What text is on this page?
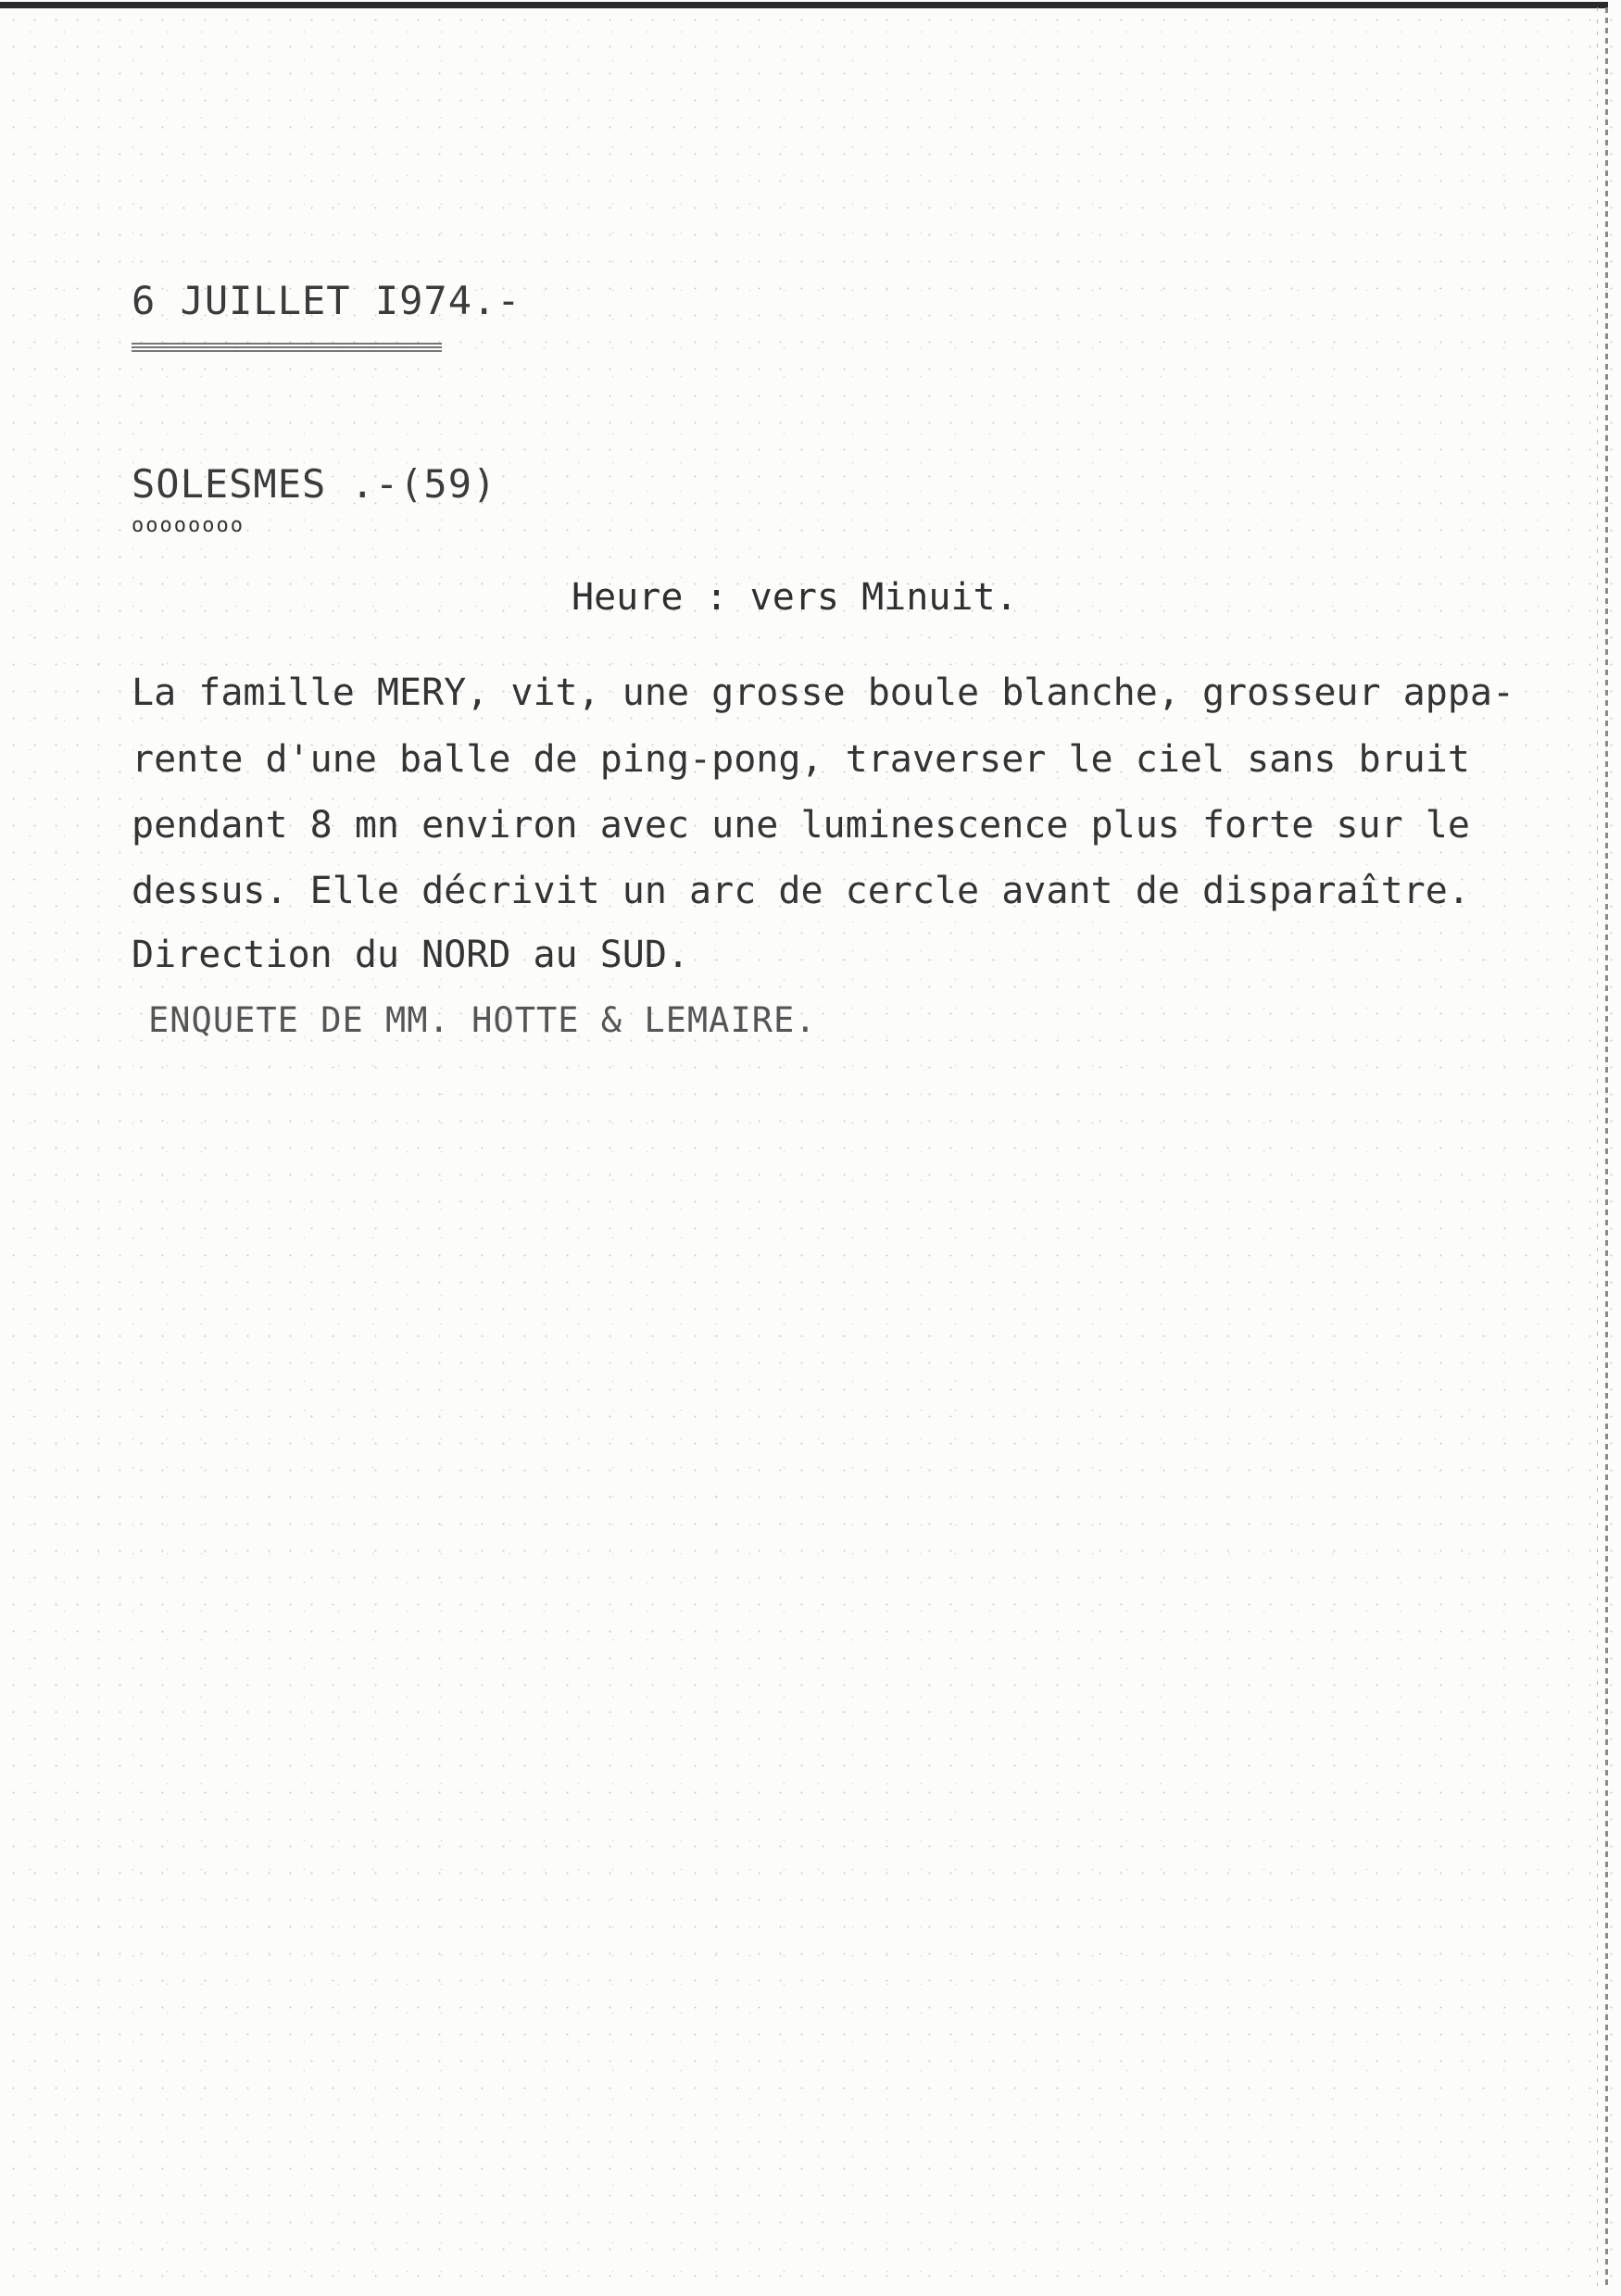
6 JUILLET I974.-
SOLESMES .-(59)
oooooooo
Heure : vers Minuit.
La famille MERY, vit, une grosse boule blanche, grosseur appa-
rente d'une balle de ping-pong, traverser le ciel sans bruit
pendant 8 mn environ avec une luminescence plus forte sur le
dessus. Elle décrivit un arc de cercle avant de disparaître.
Direction du NORD au SUD.
ENQUETE DE MM. HOTTE & LEMAIRE.
